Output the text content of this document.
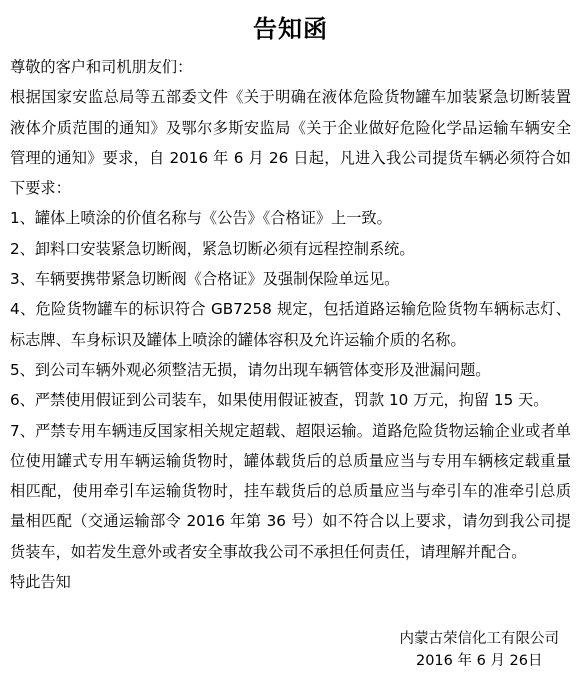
告知函

尊敬的客户和司机朋友们：

根据国家安监总局等五部委文件《关于明确在液体危险货物罐车加装紧急切断装置液体介质范围的通知》及鄂尔多斯安监局《关于企业做好危险化学品运输车辆安全管理的通知》要求，自 2016 年 6 月 26 日起，凡进入我公司提货车辆必须符合如下要求：

1、罐体上喷涂的价值名称与《公告》《合格证》上一致。

2、卸料口安装紧急切断阀，紧急切断必须有远程控制系统。

3、车辆要携带紧急切断阀《合格证》及强制保险单远见。

4、危险货物罐车的标识符合 GB7258 规定，包括道路运输危险货物车辆标志灯、标志牌、车身标识及罐体上喷涂的罐体容积及允许运输介质的名称。

5、到公司车辆外观必须整洁无损，请勿出现车辆管体变形及泄漏问题。

6、严禁使用假证到公司装车，如果使用假证被查，罚款 10 万元，拘留 15 天。

7、严禁专用车辆违反国家相关规定超载、超限运输。道路危险货物运输企业或者单位使用罐式专用车辆运输货物时，罐体载货后的总质量应当与专用车辆核定载重量相匹配，使用牵引车运输货物时，挂车载货后的总质量应当与牵引车的准牵引总质量相匹配（交通运输部令 2016 年第 36 号）如不符合以上要求，请勿到我公司提货装车，如若发生意外或者安全事故我公司不承担任何责任，请理解并配合。

特此告知

内蒙古荣信化工有限公司
2016 年 6 月 26日
